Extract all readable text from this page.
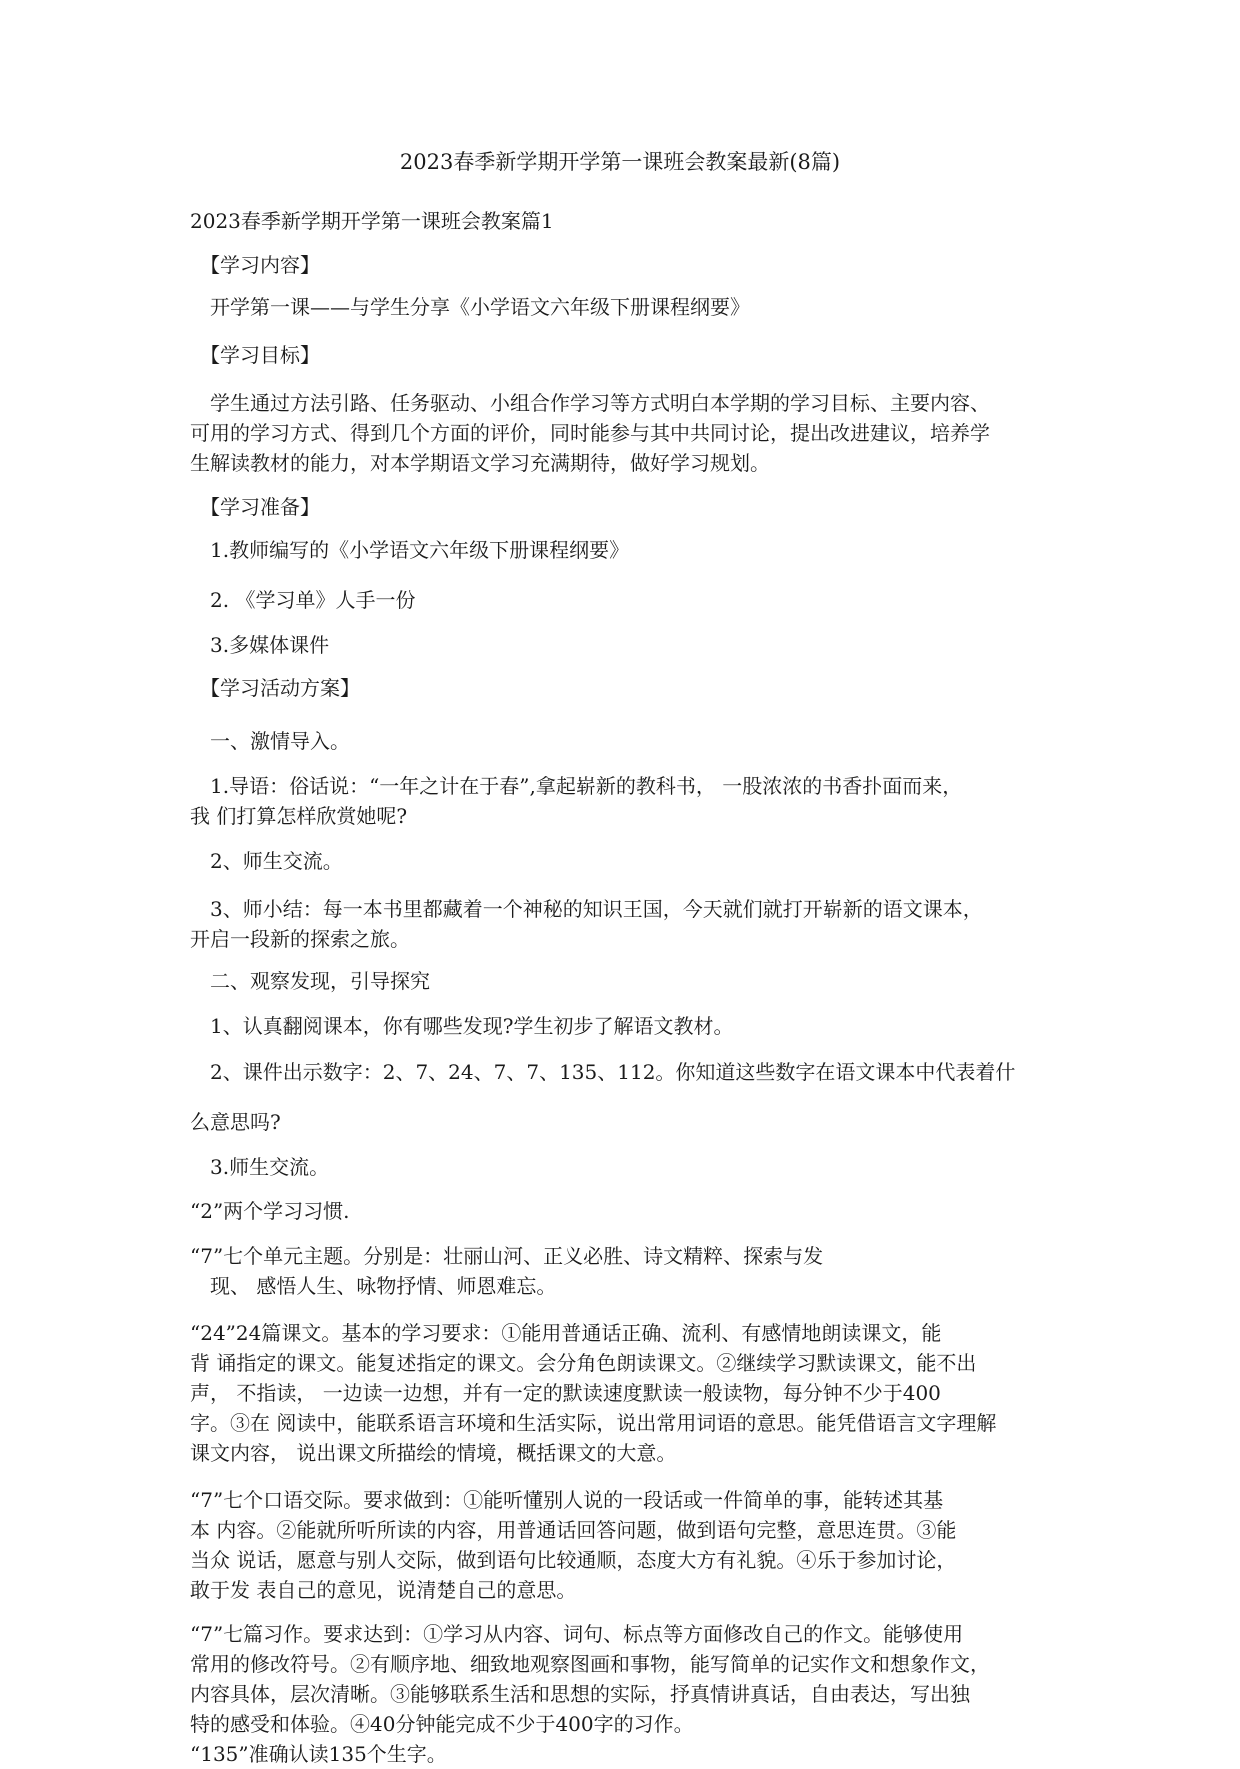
2023春季新学期开学第一课班会教案最新(8篇)
2023春季新学期开学第一课班会教案篇1
【学习内容】
开学第一课——与学生分享《小学语文六年级下册课程纲要》
【学习目标】
学生通过方法引路、任务驱动、小组合作学习等方式明白本学期的学习目标、主要内容、
可用的学习方式、得到几个方面的评价，同时能参与其中共同讨论，提出改进建议，培养学
生解读教材的能力，对本学期语文学习充满期待，做好学习规划。
【学习准备】
1.教师编写的《小学语文六年级下册课程纲要》
2. 《学习单》人手一份
3.多媒体课件
【学习活动方案】
一、激情导入。
1.导语：俗话说：“一年之计在于春”,拿起崭新的教科书， 一股浓浓的书香扑面而来，
我 们打算怎样欣赏她呢?
2、师生交流。
3、师小结：每一本书里都藏着一个神秘的知识王国，今天就们就打开崭新的语文课本，
开启一段新的探索之旅。
二、观察发现，引导探究
1、认真翻阅课本，你有哪些发现?学生初步了解语文教材。
2、课件出示数字：2、7、24、7、7、135、112。你知道这些数字在语文课本中代表着什
么意思吗?
3.师生交流。
“2”两个学习习惯.
“7”七个单元主题。分别是：壮丽山河、正义必胜、诗文精粹、探索与发
现、 感悟人生、咏物抒情、师恩难忘。
“24”24篇课文。基本的学习要求：①能用普通话正确、流利、有感情地朗读课文，能
背 诵指定的课文。能复述指定的课文。会分角色朗读课文。②继续学习默读课文，能不出
声， 不指读， 一边读一边想，并有一定的默读速度默读一般读物，每分钟不少于400
字。③在 阅读中，能联系语言环境和生活实际，说出常用词语的意思。能凭借语言文字理解
课文内容， 说出课文所描绘的情境，概括课文的大意。
“7”七个口语交际。要求做到：①能听懂别人说的一段话或一件简单的事，能转述其基
本 内容。②能就所听所读的内容，用普通话回答问题，做到语句完整，意思连贯。③能
当众 说话，愿意与别人交际，做到语句比较通顺，态度大方有礼貌。④乐于参加讨论，
敢于发 表自己的意见，说清楚自己的意思。
“7”七篇习作。要求达到：①学习从内容、词句、标点等方面修改自己的作文。能够使用
常用的修改符号。②有顺序地、细致地观察图画和事物，能写简单的记实作文和想象作文，
内容具体，层次清晰。③能够联系生活和思想的实际，抒真情讲真话，自由表达，写出独
特的感受和体验。④40分钟能完成不少于400字的习作。
“135”准确认读135个生字。
